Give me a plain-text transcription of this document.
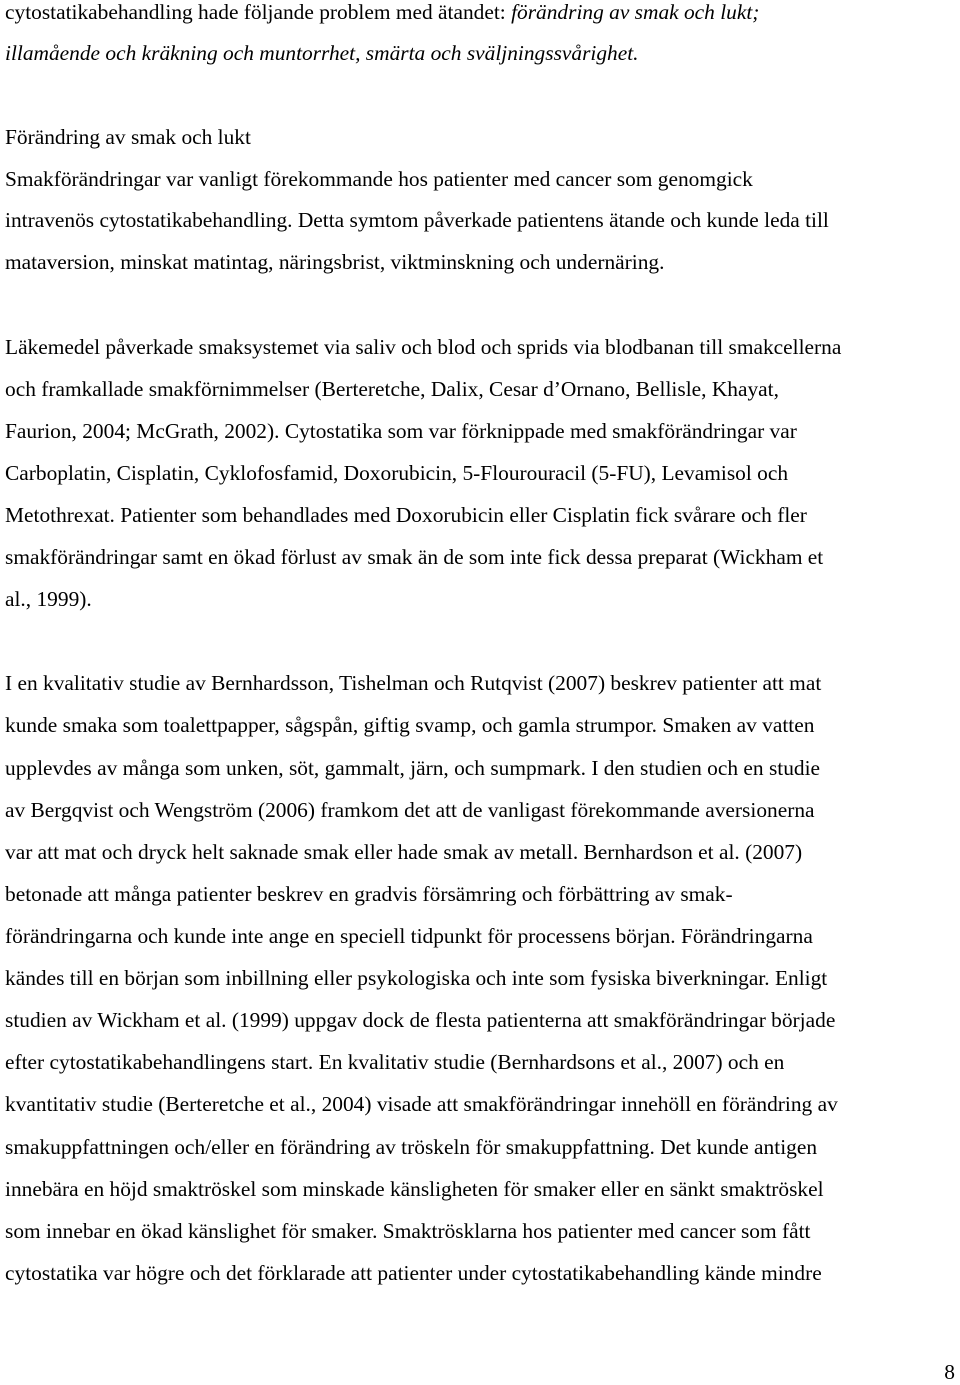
cytostatikabehandling hade följande problem med ätandet: förändring av smak och lukt;
illamående och kräkning och muntorrhet, smärta och sväljningssvårighet.
Förändring av smak och lukt
Smakförändringar var vanligt förekommande hos patienter med cancer som genomgick
intravenös cytostatikabehandling. Detta symtom påverkade patientens ätande och kunde leda till
mataversion, minskat matintag, näringsbrist, viktminskning och undernäring.
Läkemedel påverkade smaksystemet via saliv och blod och sprids via blodbanan till smakcellerna
och framkallade smakförnimmelser (Berteretche, Dalix, Cesar d’Ornano, Bellisle, Khayat,
Faurion, 2004; McGrath, 2002). Cytostatika som var förknippade med smakförändringar var
Carboplatin, Cisplatin, Cyklofosfamid, Doxorubicin, 5-Flourouracil (5-FU), Levamisol och
Metothrexat. Patienter som behandlades med Doxorubicin eller Cisplatin fick svårare och fler
smakförändringar samt en ökad förlust av smak än de som inte fick dessa preparat (Wickham et
al., 1999).
I en kvalitativ studie av Bernhardsson, Tishelman och Rutqvist (2007) beskrev patienter att mat
kunde smaka som toalettpapper, sågspån, giftig svamp, och gamla strumpor. Smaken av vatten
upplevdes av många som unken, söt, gammalt, järn, och sumpmark. I den studien och en studie
av Bergqvist och Wengström (2006) framkom det att de vanligast förekommande aversionerna
var att mat och dryck helt saknade smak eller hade smak av metall. Bernhardson et al. (2007)
betonade att många patienter beskrev en gradvis försämring och förbättring av smak-
förändringarna och kunde inte ange en speciell tidpunkt för processens början. Förändringarna
kändes till en början som inbillning eller psykologiska och inte som fysiska biverkningar. Enligt
studien av Wickham et al. (1999) uppgav dock de flesta patienterna att smakförändringar började
efter cytostatikabehandlingens start. En kvalitativ studie (Bernhardsons et al., 2007) och en
kvantitativ studie (Berteretche et al., 2004) visade att smakförändringar innehöll en förändring av
smakuppfattningen och/eller en förändring av tröskeln för smakuppfattning. Det kunde antigen
innebära en höjd smaktröskel som minskade känsligheten för smaker eller en sänkt smaktröskel
som innebar en ökad känslighet för smaker. Smaktrösklarna hos patienter med cancer som fått
cytostatika var högre och det förklarade att patienter under cytostatikabehandling kände mindre
8
